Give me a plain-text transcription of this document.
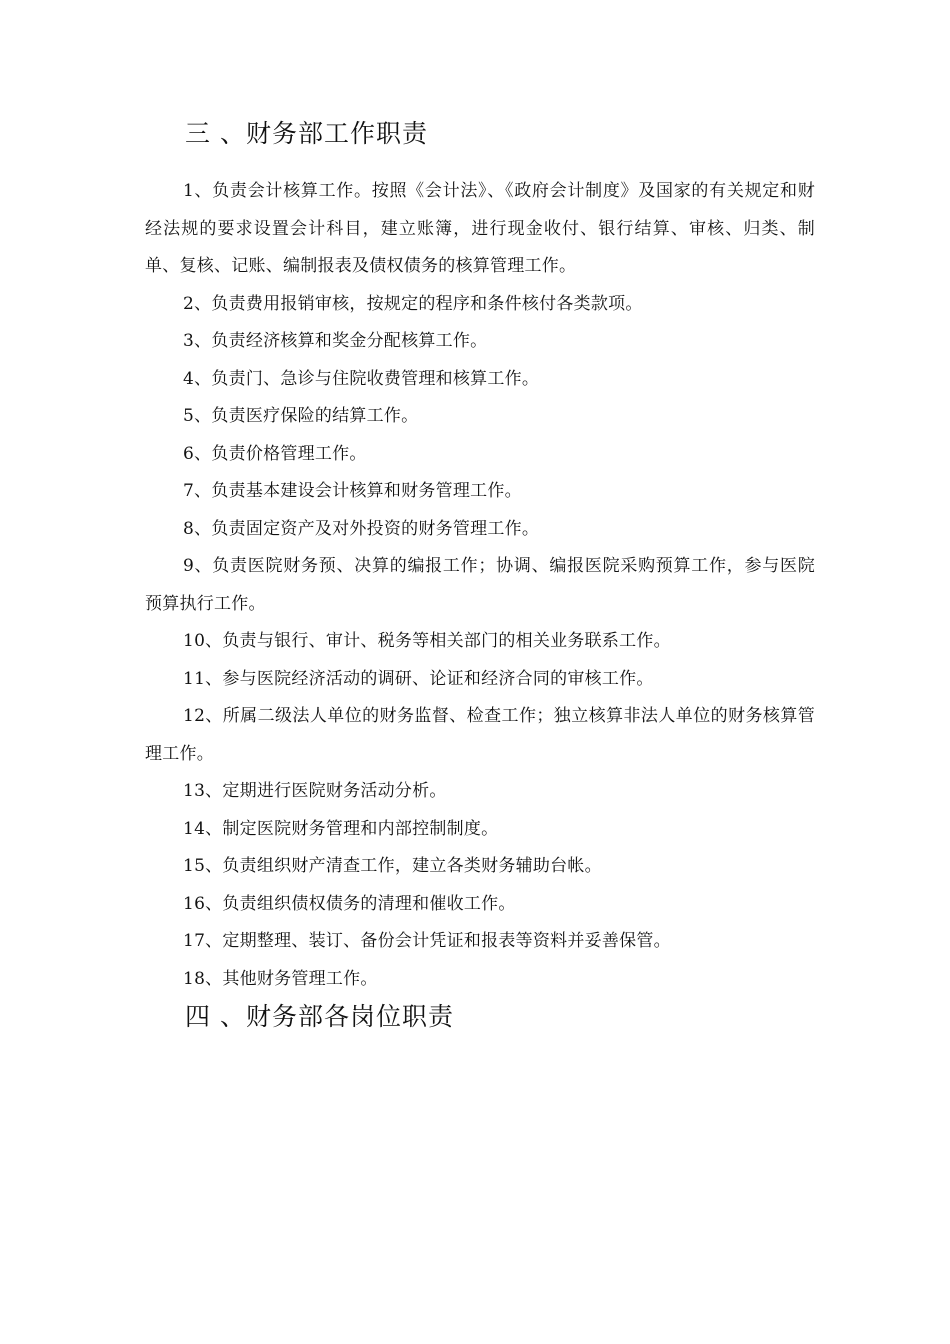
三 、财务部工作职责

1、负责会计核算工作。按照《会计法》、《政府会计制度》及国家的有关规定和财经法规的要求设置会计科目，建立账簿，进行现金收付、银行结算、审核、归类、制单、复核、记账、编制报表及债权债务的核算管理工作。

2、负责费用报销审核，按规定的程序和条件核付各类款项。

3、负责经济核算和奖金分配核算工作。

4、负责门、急诊与住院收费管理和核算工作。

5、负责医疗保险的结算工作。

6、负责价格管理工作。

7、负责基本建设会计核算和财务管理工作。

8、负责固定资产及对外投资的财务管理工作。

9、负责医院财务预、决算的编报工作；协调、编报医院采购预算工作，参与医院预算执行工作。

10、负责与银行、审计、税务等相关部门的相关业务联系工作。

11、参与医院经济活动的调研、论证和经济合同的审核工作。

12、所属二级法人单位的财务监督、检查工作；独立核算非法人单位的财务核算管理工作。

13、定期进行医院财务活动分析。

14、制定医院财务管理和内部控制制度。

15、负责组织财产清查工作，建立各类财务辅助台帐。

16、负责组织债权债务的清理和催收工作。

17、定期整理、装订、备份会计凭证和报表等资料并妥善保管。

18、其他财务管理工作。

四 、财务部各岗位职责
